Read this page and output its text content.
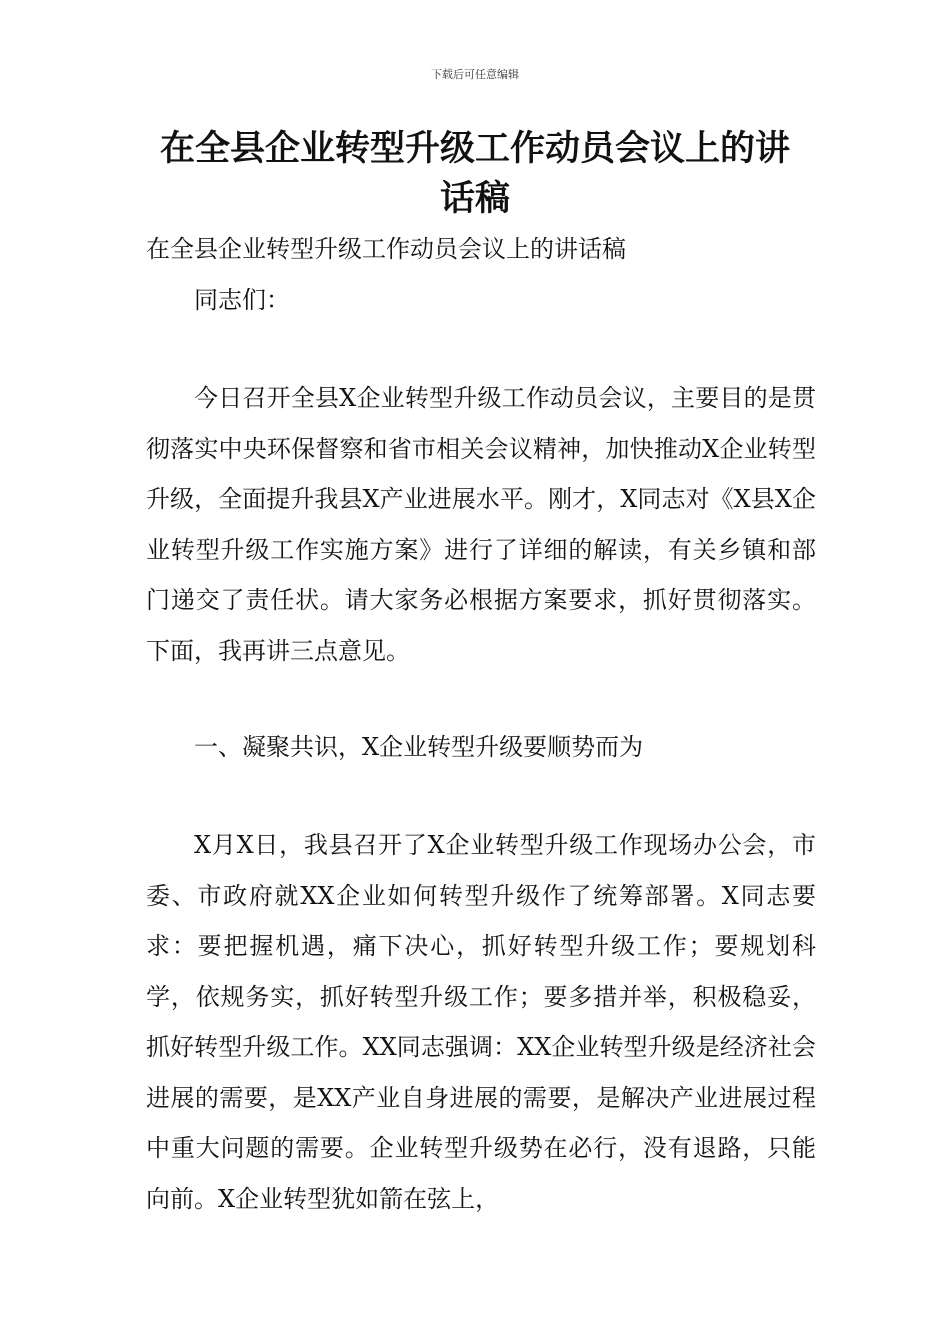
下载后可任意编辑
在全县企业转型升级工作动员会议上的讲话稿
在全县企业转型升级工作动员会议上的讲话稿
同志们：

今日召开全县X企业转型升级工作动员会议，主要目的是贯彻落实中央环保督察和省市相关会议精神，加快推动X企业转型升级，全面提升我县X产业进展水平。刚才，X同志对《X县X企业转型升级工作实施方案》进行了详细的解读，有关乡镇和部门递交了责任状。请大家务必根据方案要求，抓好贯彻落实。下面，我再讲三点意见。

一、凝聚共识，X企业转型升级要顺势而为

X月X日，我县召开了X企业转型升级工作现场办公会，市委、市政府就XX企业如何转型升级作了统筹部署。X同志要求：要把握机遇，痛下决心，抓好转型升级工作；要规划科学，依规务实，抓好转型升级工作；要多措并举，积极稳妥，抓好转型升级工作。XX同志强调：XX企业转型升级是经济社会进展的需要，是XX产业自身进展的需要，是解决产业进展过程中重大问题的需要。企业转型升级势在必行，没有退路，只能向前。X企业转型犹如箭在弦上，
